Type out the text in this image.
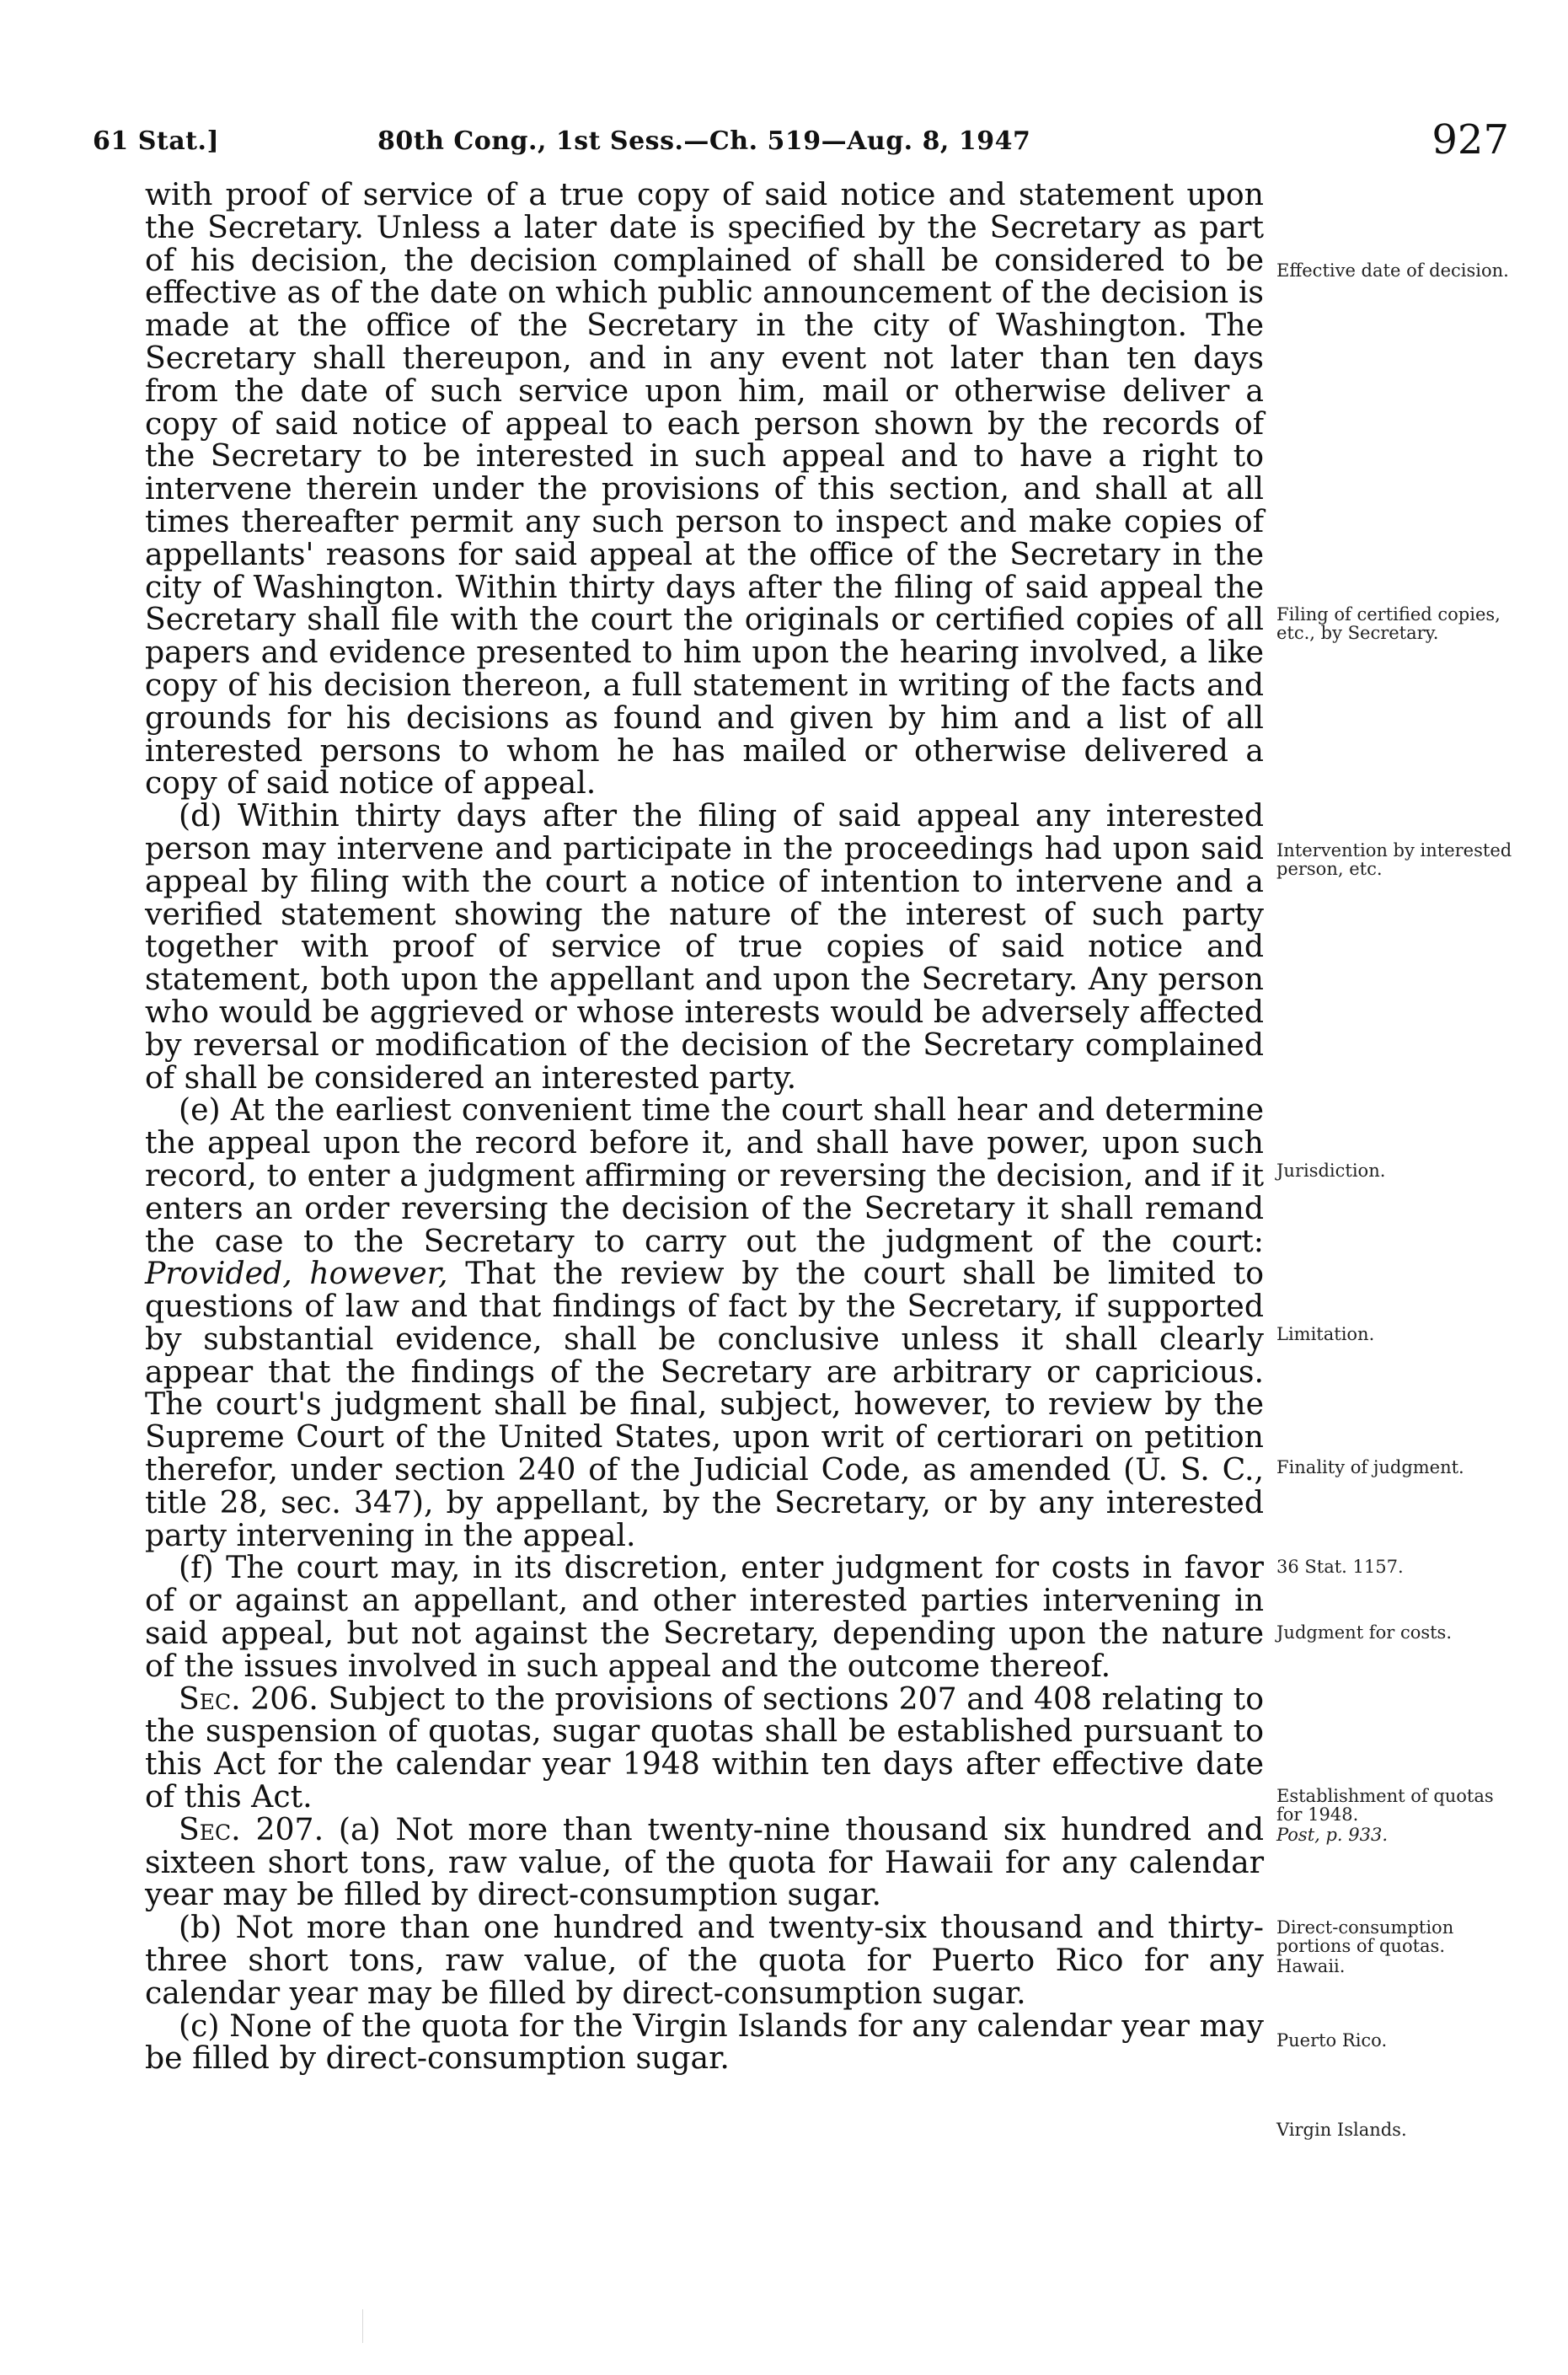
61 Stat.]	80th Cong., 1st Sess.—Ch. 519—Aug. 8, 1947	927

with proof of service of a true copy of said notice and statement upon the Secretary. Unless a later date is specified by the Secretary as part of his decision, the decision complained of shall be considered to be effective as of the date on which public announcement of the decision is made at the office of the Secretary in the city of Washington. The Secretary shall thereupon, and in any event not later than ten days from the date of such service upon him, mail or otherwise deliver a copy of said notice of appeal to each person shown by the records of the Secretary to be interested in such appeal and to have a right to intervene therein under the provisions of this section, and shall at all times thereafter permit any such person to inspect and make copies of appellants' reasons for said appeal at the office of the Secretary in the city of Washington. Within thirty days after the filing of said appeal the Secretary shall file with the court the originals or certified copies of all papers and evidence presented to him upon the hearing involved, a like copy of his decision thereon, a full statement in writing of the facts and grounds for his decisions as found and given by him and a list of all interested persons to whom he has mailed or otherwise delivered a copy of said notice of appeal.

(d) Within thirty days after the filing of said appeal any interested person may intervene and participate in the proceedings had upon said appeal by filing with the court a notice of intention to intervene and a verified statement showing the nature of the interest of such party together with proof of service of true copies of said notice and statement, both upon the appellant and upon the Secretary. Any person who would be aggrieved or whose interests would be adversely affected by reversal or modification of the decision of the Secretary complained of shall be considered an interested party.

(e) At the earliest convenient time the court shall hear and determine the appeal upon the record before it, and shall have power, upon such record, to enter a judgment affirming or reversing the decision, and if it enters an order reversing the decision of the Secretary it shall remand the case to the Secretary to carry out the judgment of the court: Provided, however, That the review by the court shall be limited to questions of law and that findings of fact by the Secretary, if supported by substantial evidence, shall be conclusive unless it shall clearly appear that the findings of the Secretary are arbitrary or capricious. The court's judgment shall be final, subject, however, to review by the Supreme Court of the United States, upon writ of certiorari on petition therefor, under section 240 of the Judicial Code, as amended (U. S. C., title 28, sec. 347), by appellant, by the Secretary, or by any interested party intervening in the appeal.

(f) The court may, in its discretion, enter judgment for costs in favor of or against an appellant, and other interested parties intervening in said appeal, but not against the Secretary, depending upon the nature of the issues involved in such appeal and the outcome thereof.

Sec. 206. Subject to the provisions of sections 207 and 408 relating to the suspension of quotas, sugar quotas shall be established pursuant to this Act for the calendar year 1948 within ten days after effective date of this Act.

Sec. 207. (a) Not more than twenty-nine thousand six hundred and sixteen short tons, raw value, of the quota for Hawaii for any calendar year may be filled by direct-consumption sugar.

(b) Not more than one hundred and twenty-six thousand and thirty-three short tons, raw value, of the quota for Puerto Rico for any calendar year may be filled by direct-consumption sugar.

(c) None of the quota for the Virgin Islands for any calendar year may be filled by direct-consumption sugar.

Effective date of decision.
Filing of certified copies, etc., by Secretary.
Intervention by interested person, etc.
Jurisdiction.
Limitation.
Finality of judgment.
36 Stat. 1157.
Judgment for costs.
Establishment of quotas for 1948.
Post, p. 933.
Direct-consumption portions of quotas.
Hawaii.
Puerto Rico.
Virgin Islands.
